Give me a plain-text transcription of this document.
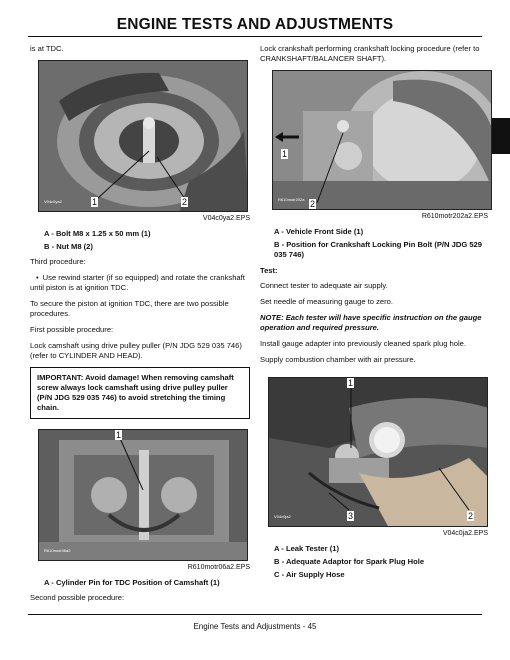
ENGINE TESTS AND ADJUSTMENTS
is at TDC.
V04c0ya2	1	2
V04c0ya2.EPS
A - Bolt M8 x 1.25 x 50 mm (1)
B - Nut M8 (2)
Third procedure:
• Use rewind starter (if so equipped) and rotate the crankshaft until piston is at ignition TDC.
To secure the piston at ignition TDC, there are two possible procedures.
First possible procedure:
Lock camshaft using drive pulley puller (P/N JDG 529 035 746) (refer to CYLINDER AND HEAD).
IMPORTANT: Avoid damage! When removing camshaft screw always lock camshaft using drive pulley puller (P/N JDG 529 035 746) to avoid stretching the timing chain.
R610motr06a2
1
R610motr06a2.EPS
A - Cylinder Pin for TDC Position of Camshaft (1)
Second possible procedure:
Lock crankshaft performing crankshaft locking procedure (refer to CRANKSHAFT/BALANCER SHAFT).
R610motr202a
1
2
R610motr202a2.EPS
A - Vehicle Front Side (1)
B - Position for Crankshaft Locking Pin Bolt (P/N JDG 529 035 746)
Test:
Connect tester to adequate air supply.
Set needle of measuring gauge to zero.
NOTE: Each tester will have specific instruction on the gauge operation and required pressure.
Install gauge adapter into previously cleaned spark plug hole.
Supply combustion chamber with air pressure.
V04c0ja2
1
3	2
V04c0ja2.EPS
A - Leak Tester (1)
B - Adequate Adaptor for Spark Plug Hole
C - Air Supply Hose
Engine Tests and Adjustments - 45
